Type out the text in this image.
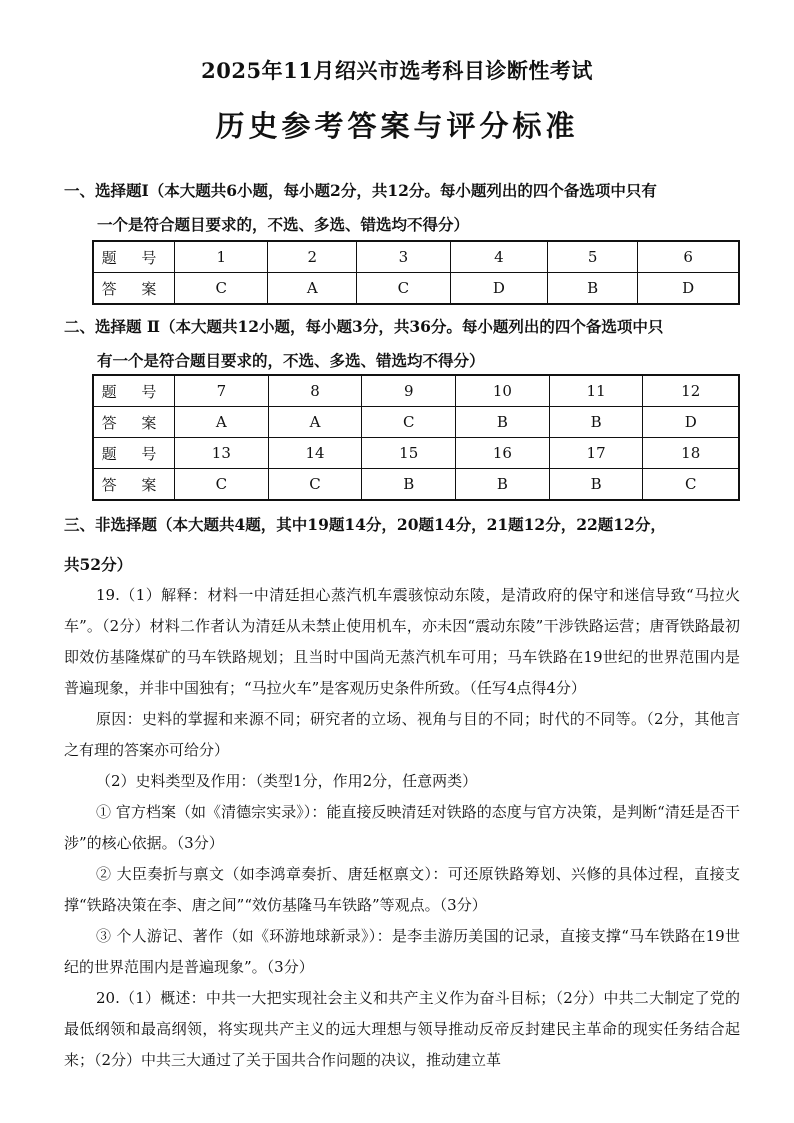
2025年11月绍兴市选考科目诊断性考试
历史参考答案与评分标准
一、选择题Ⅰ（本大题共6小题，每小题2分，共12分。每小题列出的四个备选项中只有
一个是符合题目要求的，不选、多选、错选均不得分）
题 号	1	2	3	4	5	6
答 案	C	A	C	D	B	D
二、选择题 Ⅱ（本大题共12小题，每小题3分，共36分。每小题列出的四个备选项中只
有一个是符合题目要求的，不选、多选、错选均不得分）
题 号	7	8	9	10	11	12
答 案	A	A	C	B	B	D
题 号	13	14	15	16	17	18
答 案	C	C	B	B	B	C
三、非选择题（本大题共4题，其中19题14分，20题14分，21题12分，22题12分，
共52分）

19.（1）解释：材料一中清廷担心蒸汽机车震骇惊动东陵，是清政府的保守和迷信导致“马拉火车”。（2分）材料二作者认为清廷从未禁止使用机车，亦未因“震动东陵”干涉铁路运营；唐胥铁路最初即效仿基隆煤矿的马车铁路规划；且当时中国尚无蒸汽机车可用；马车铁路在19世纪的世界范围内是普遍现象，并非中国独有；“马拉火车”是客观历史条件所致。（任写4点得4分）

原因：史料的掌握和来源不同；研究者的立场、视角与目的不同；时代的不同等。（2分，其他言之有理的答案亦可给分）

（2）史料类型及作用：（类型1分，作用2分，任意两类）

① 官方档案（如《清德宗实录》）：能直接反映清廷对铁路的态度与官方决策，是判断“清廷是否干涉”的核心依据。（3分）

② 大臣奏折与禀文（如李鸿章奏折、唐廷枢禀文）：可还原铁路筹划、兴修的具体过程，直接支撑“铁路决策在李、唐之间”“效仿基隆马车铁路”等观点。（3分）

③ 个人游记、著作（如《环游地球新录》）：是李圭游历美国的记录，直接支撑“马车铁路在19世纪的世界范围内是普遍现象”。（3分）

20.（1）概述：中共一大把实现社会主义和共产主义作为奋斗目标；（2分）中共二大制定了党的最低纲领和最高纲领，将实现共产主义的远大理想与领导推动反帝反封建民主革命的现实任务结合起来；（2分）中共三大通过了关于国共合作问题的决议，推动建立革
